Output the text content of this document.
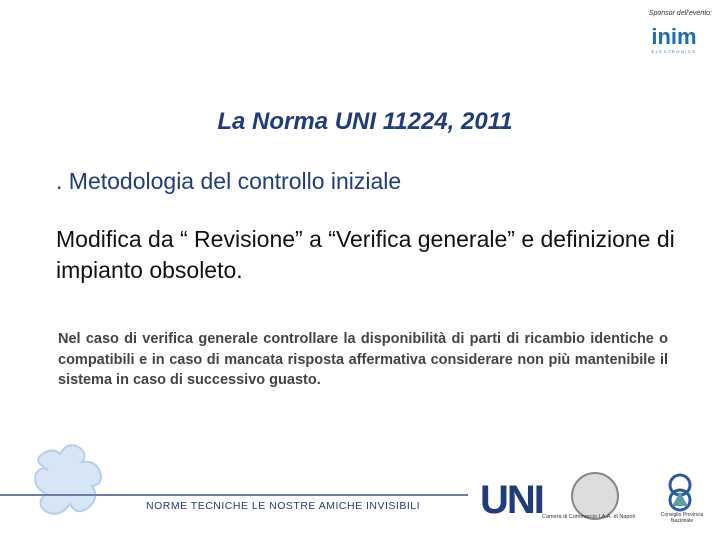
Sponsor dell'evento:
inim
ELECTRONICS
La Norma UNI 11224, 2011
. Metodologia del controllo iniziale
Modifica da “ Revisione” a “Verifica generale” e definizione di impianto obsoleto.
Nel caso di verifica generale controllare la disponibilità di parti di ricambio identiche o compatibili e in caso di mancata risposta affermativa considerare non più mantenibile il sistema in caso di successivo guasto.
NORME TECNICHE LE NOSTRE AMICHE INVISIBILI UNI Camera di Commercio I.A.A. di Napoli	Consiglio Provincia Nazionale
